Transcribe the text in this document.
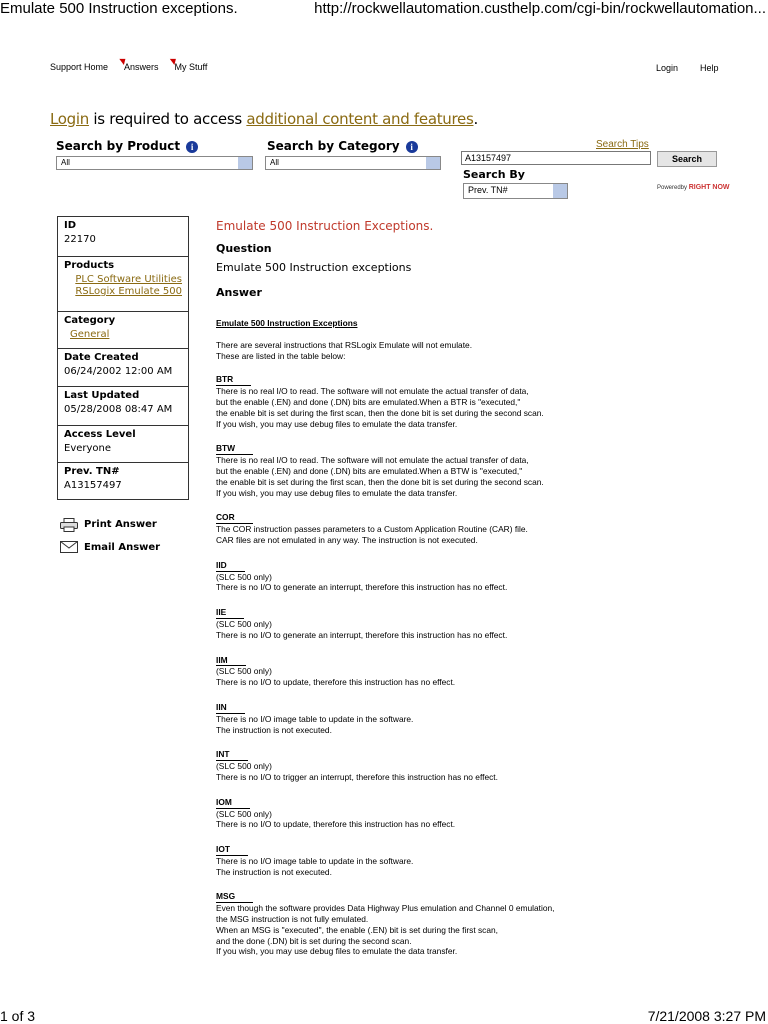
Emulate 500 Instruction exceptions.	http://rockwellautomation.custhelp.com/cgi-bin/rockwellautomation...
1 of 3	7/21/2008 3:27 PM
Support Home
◥
Answers
◥
My Stuff	Login Help
Login is required to access additional content and features.
Search by Product i
All
Search by Category i
All
Search Tips
A13157497
Search
Search By
Prev. TN#	Poweredby RIGHT NOW
ID
22170
Products
PLC Software Utilities
RSLogix Emulate 500
Category
General
Date Created
06/24/2002 12:00 AM
Last Updated
05/28/2008 08:47 AM
Access Level
Everyone
Prev. TN#
A13157497
Print Answer
Email Answer
Emulate 500 Instruction Exceptions.
Question
Emulate 500 Instruction exceptions
Answer
Emulate 500 Instruction Exceptions
There are several instructions that RSLogix Emulate will not emulate.
These are listed in the table below:
BTR
There is no real I/O to read. The software will not emulate the actual transfer of data,
but the enable (.EN) and done (.DN) bits are emulated.When a BTR is "executed,"
the enable bit is set during the first scan, then the done bit is set during the second scan.
If you wish, you may use debug files to emulate the data transfer.
BTW
There is no real I/O to read. The software will not emulate the actual transfer of data,
but the enable (.EN) and done (.DN) bits are emulated.When a BTW is "executed,"
the enable bit is set during the first scan, then the done bit is set during the second scan.
If you wish, you may use debug files to emulate the data transfer.
COR
The COR instruction passes parameters to a Custom Application Routine (CAR) file.
CAR files are not emulated in any way. The instruction is not executed.
IID
(SLC 500 only)
There is no I/O to generate an interrupt, therefore this instruction has no effect.
IIE
(SLC 500 only)
There is no I/O to generate an interrupt, therefore this instruction has no effect.
IIM
(SLC 500 only)
There is no I/O to update, therefore this instruction has no effect.
IIN
There is no I/O image table to update in the software.
The instruction is not executed.
INT
(SLC 500 only)
There is no I/O to trigger an interrupt, therefore this instruction has no effect.
IOM
(SLC 500 only)
There is no I/O to update, therefore this instruction has no effect.
IOT
There is no I/O image table to update in the software.
The instruction is not executed.
MSG
Even though the software provides Data Highway Plus emulation and Channel 0 emulation,
the MSG instruction is not fully emulated.
When an MSG is "executed", the enable (.EN) bit is set during the first scan,
and the done (.DN) bit is set during the second scan.
If you wish, you may use debug files to emulate the data transfer.
